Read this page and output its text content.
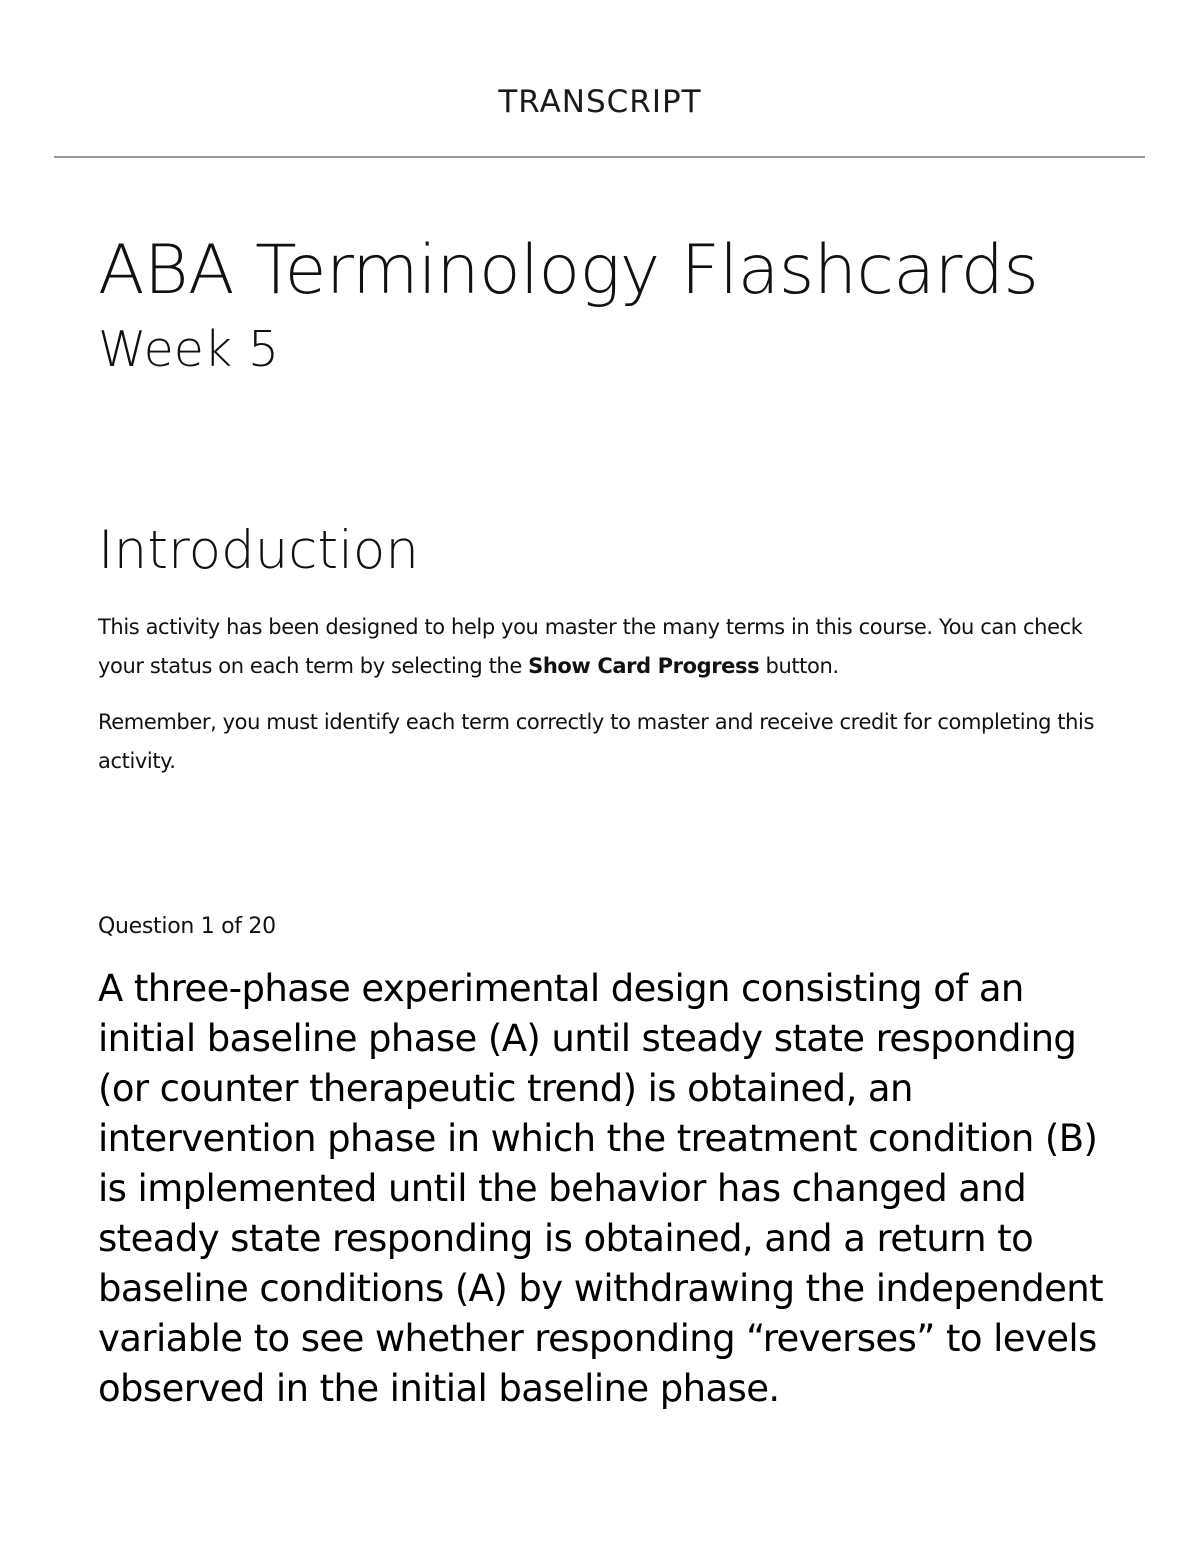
TRANSCRIPT
ABA Terminology Flashcards
Week 5
Introduction

This activity has been designed to help you master the many terms in this course. You can check your status on each term by selecting the Show Card Progress button.

Remember, you must identify each term correctly to master and receive credit for completing this activity.

Question 1 of 20

A three-phase experimental design consisting of an initial baseline phase (A) until steady state responding (or counter therapeutic trend) is obtained, an intervention phase in which the treatment condition (B) is implemented until the behavior has changed and steady state responding is obtained, and a return to baseline conditions (A) by withdrawing the independent variable to see whether responding “reverses” to levels observed in the initial baseline phase.
